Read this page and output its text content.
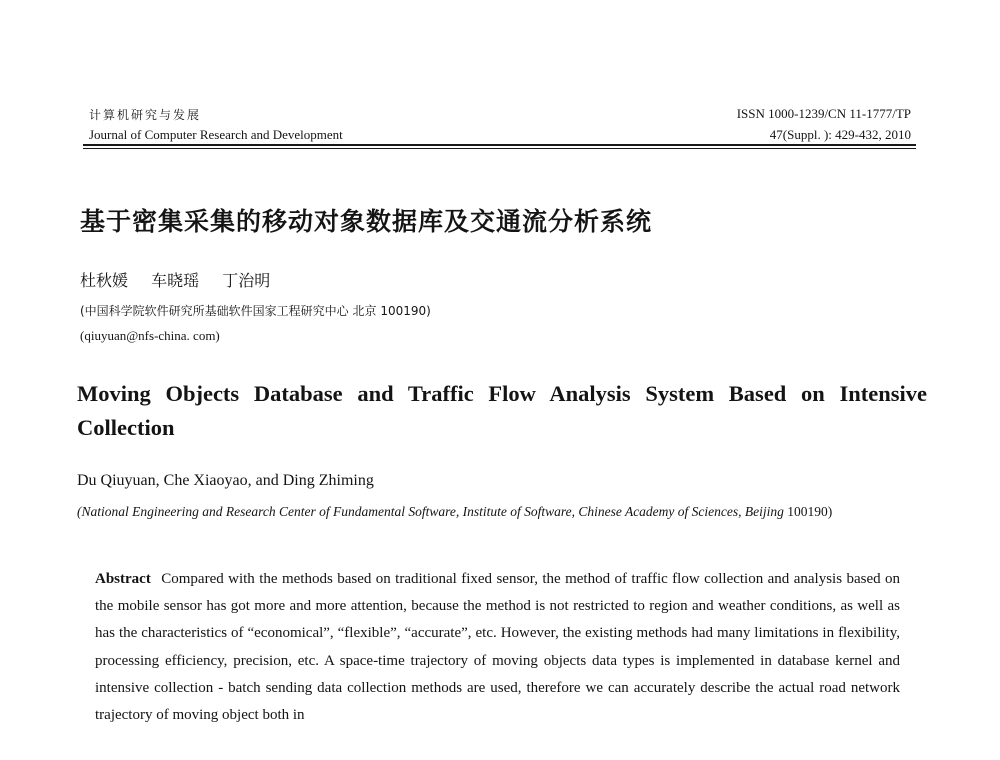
计算机研究与发展	ISSN 1000-1239/CN 11-1777/TP
Journal of Computer Research and Development	47(Suppl. ): 429-432, 2010
基于密集采集的移动对象数据库及交通流分析系统
杜秋媛 车晓瑶 丁治明
(中国科学院软件研究所基础软件国家工程研究中心 北京 100190)
(qiuyuan@nfs-china. com)
Moving Objects Database and Traffic Flow Analysis System Based on Intensive Collection
Du Qiuyuan, Che Xiaoyao, and Ding Zhiming
(National Engineering and Research Center of Fundamental Software, Institute of Software, Chinese Academy of Sciences, Beijing 100190)
Abstract Compared with the methods based on traditional fixed sensor, the method of traffic flow collection and analysis based on the mobile sensor has got more and more attention, because the method is not restricted to region and weather conditions, as well as has the characteristics of “economical”, “flexible”, “accurate”, etc. However, the existing methods had many limitations in flexibility, processing efficiency, precision, etc. A space-time trajectory of moving objects data types is implemented in database kernel and intensive collection - batch sending data collection methods are used, therefore we can accurately describe the actual road network trajectory of moving object both in
